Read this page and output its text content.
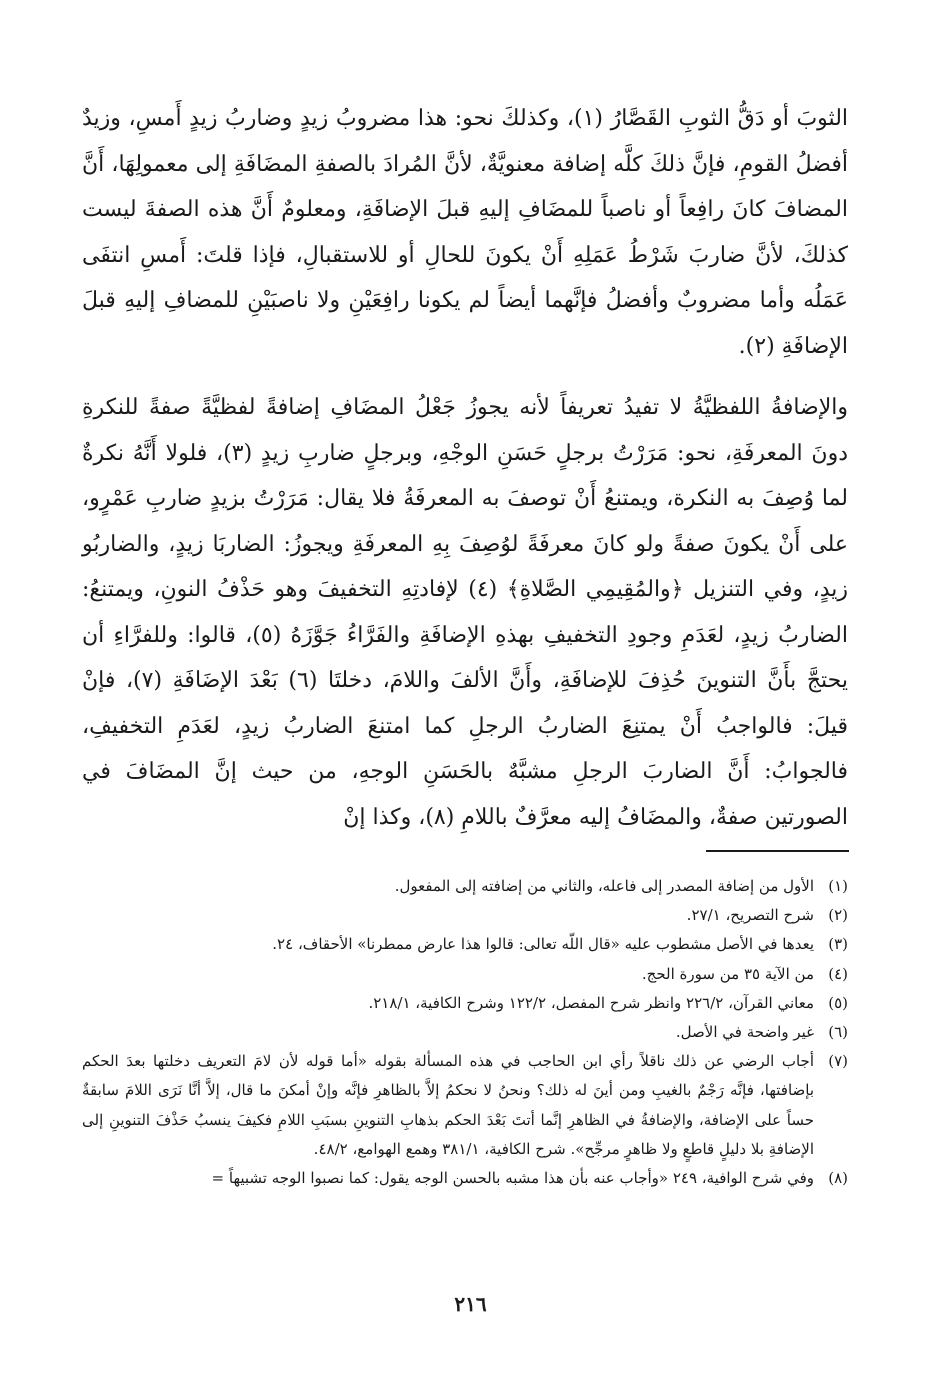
الثوبَ أو دَقُّ الثوبِ القَصَّارُ (١)، وكذلكَ نحو: هذا مضروبُ زيدٍ وضاربُ زيدٍ أَمسِ، وزيدٌ أفضلُ القومِ، فإنَّ ذلكَ كلَّه إضافة معنويَّةٌ، لأنَّ المُرادَ بالصفةِ المضَافَةِ إلى معمولِهَا، أَنَّ المضافَ كانَ رافِعاً أو ناصباً للمضَافِ إليهِ قبلَ الإضافَةِ، ومعلومٌ أَنَّ هذه الصفةَ ليست كذلكَ، لأنَّ ضاربَ شَرْطُ عَمَلِهِ أَنْ يكونَ للحالِ أو للاستقبالِ، فإذا قلتَ: أَمسِ انتفَى عَمَلُه وأما مضروبٌ وأفضلُ فإنَّهما أيضاً لم يكونا رافِعَيْنِ ولا ناصبَيْنِ للمضافِ إليهِ قبلَ الإضافَةِ (٢).

والإضافةُ اللفظيَّةُ لا تفيدُ تعريفاً لأنه يجوزُ جَعْلُ المضَافِ إضافةً لفظيَّةً صفةً للنكرةِ دونَ المعرفَةِ، نحو: مَرَرْتُ برجلٍ حَسَنِ الوجْهِ، وبرجلٍ ضاربِ زيدٍ (٣)، فلولا أَنَّهُ نكرةٌ لما وُصِفَ به النكرة، ويمتنعُ أَنْ توصفَ به المعرفَةُ فلا يقال: مَرَرْتُ بزيدٍ ضاربِ عَمْرٍو، على أَنْ يكونَ صفةً ولو كانَ معرفَةً لوُصِفَ بِهِ المعرفَةِ ويجوزُ: الضاربَا زيدٍ، والضاربُو زيدٍ، وفي التنزيل ﴿والمُقِيمِي الصَّلاةِ﴾ (٤) لإفادتِهِ التخفيفَ وهو حَذْفُ النونِ، ويمتنعُ: الضاربُ زيدٍ، لعَدَمِ وجودِ التخفيفِ بهذهِ الإضافَةِ والفَرَّاءُ جَوَّزَهُ (٥)، قالوا: وللفرَّاءِ أن يحتجَّ بأَنَّ التنوينَ حُذِفَ للإضافَةِ، وأَنَّ الألفَ واللامَ، دخلتَا (٦) بَعْدَ الإضَافَةِ (٧)، فإنْ قيلَ: فالواجبُ أَنْ يمتنِعَ الضاربُ الرجلِ كما امتنعَ الضاربُ زيدٍ، لعَدَمِ التخفيفِ، فالجوابُ: أَنَّ الضاربَ الرجلِ مشبَّهٌ بالحَسَنِ الوجهِ، من حيث إنَّ المضَافَ في الصورتين صفةٌ، والمضَافُ إليه معرَّفٌ باللامِ (٨)، وكذا إنْ

(١)
الأول من إضافة المصدر إلى فاعله، والثاني من إضافته إلى المفعول.
(٢)
شرح التصريح، ٢٧/١.
(٣)
يعدها في الأصل مشطوب عليه «قال اللّه تعالى: قالوا هذا عارض ممطرنا» الأحقاف، ٢٤.
(٤)
من الآية ٣٥ من سورة الحج.
(٥)
معاني القرآن، ٢٢٦/٢ وانظر شرح المفصل، ١٢٢/٢ وشرح الكافية، ٢١٨/١.
(٦)
غير واضحة في الأصل.
(٧)
أجاب الرضي عن ذلك ناقلاً رأي ابن الحاجب في هذه المسألة بقوله «أما قوله لأن لامَ التعريف دخلتها بعدَ الحكم بإضافتها، فإنَّه رَجْمٌ بالغيبِ ومن أينَ له ذلك؟ ونحنُ لا نحكمُ إلاَّ بالظاهرِ فإنَّه وإنْ أمكنَ ما قال، إلاَّ أنَّا نَرَى اللامَ سابقةٌ حساً على الإضافة، والإضافةُ في الظاهرِ إنَّما أتتَ بَعْدَ الحكم بذهابِ التنوينِ بسبَبِ اللامِ فكيفَ ينسبُ حَذْفَ التنوينِ إلى الإضافةِ بلا دليلٍ قاطعٍ ولا ظاهرٍ مرجِّح». شرح الكافية، ٣٨١/١ وهمع الهوامع، ٤٨/٢.
(٨)
وفي شرح الوافية، ٢٤٩ «وأجاب عنه بأن هذا مشبه بالحسن الوجه يقول: كما نصبوا الوجه تشبيهاً =
٢١٦
